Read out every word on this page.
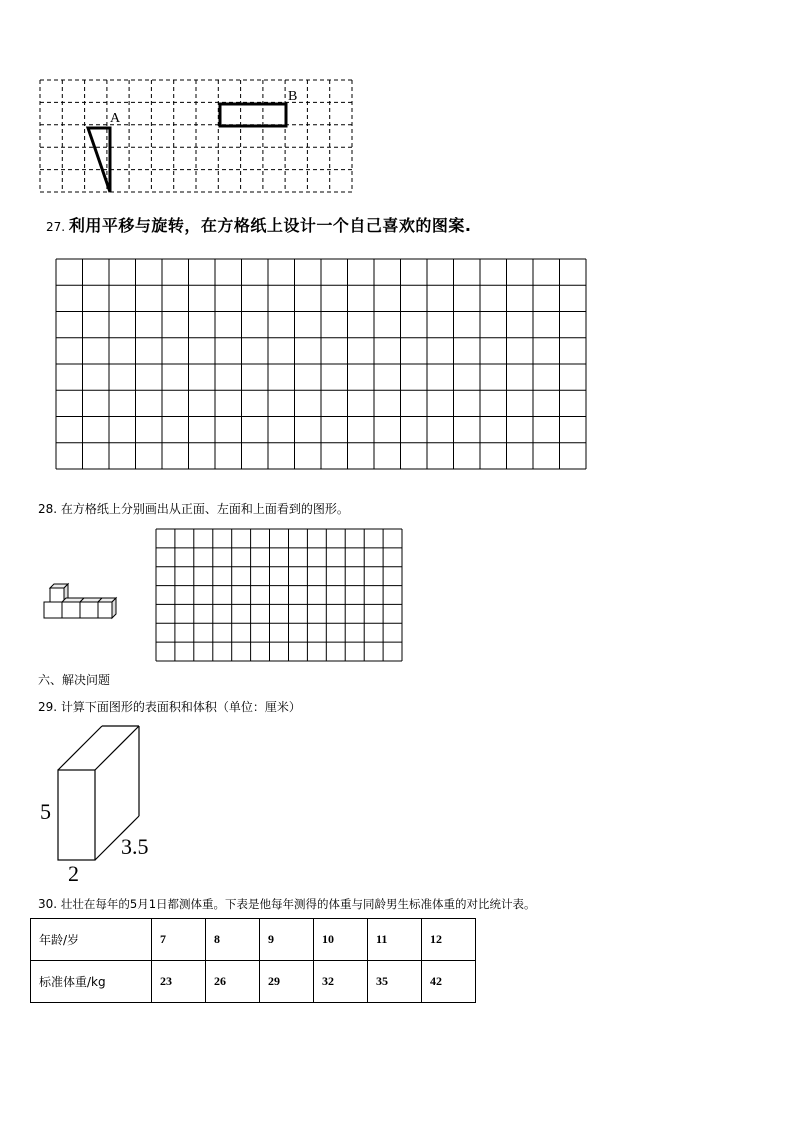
A
B
27. 利用平移与旋转，在方格纸上设计一个自己喜欢的图案.
28. 在方格纸上分别画出从正面、左面和上面看到的图形。
六、解决问题
29. 计算下面图形的表面积和体积（单位：厘米）
5
2
3.5
30. 壮壮在每年的5月1日都测体重。下表是他每年测得的体重与同龄男生标准体重的对比统计表。
年龄/岁	7	8	9	10	11	12
标准体重/kg	23	26	29	32	35	42
